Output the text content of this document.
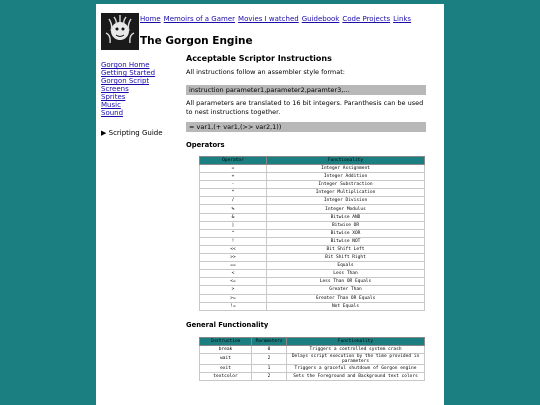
Home Memoirs of a Gamer Movies I watched Guidebook Code Projects Links
The Gorgon Engine
Gorgon Home
Getting Started
Gorgon Script
Screens
Sprites
Music
Sound
▶ Scripting Guide
Acceptable Scriptor Instructions

All instructions follow an assembler style format:

instruction parameter1,parameter2,paramter3,...

All parameters are translated to 16 bit integers. Paranthesis can be used to nest instructions together.

= var1,(+ var1,(>> var2,1))
Operators
Operator	Functionality
=	Integer Assignment
+	Integer Addition
-	Integer Substraction
*	Integer Multiplication
/	Integer Division
%	Integer Modulus
&	Bitwise AND
|	Bitwise OR
^	Bitwise XOR
!	Bitwise NOT
<<	Bit Shift Left
>>	Bit Shift Right
==	Equals
<	Less Than
<=	Less Than OR Equals
>	Greater Than
>=	Greater Than OR Equals
!=	Not Equals
General Functionality
Instruction	Parameters	Functionality
break	0	Triggers a controlled system crash
wait	2	Delays script execution by the time provided in parameters
exit	1	Triggers a graceful shutdown of Gorgon engine
textcolor	2	Sets the Foreground and Background text colors
